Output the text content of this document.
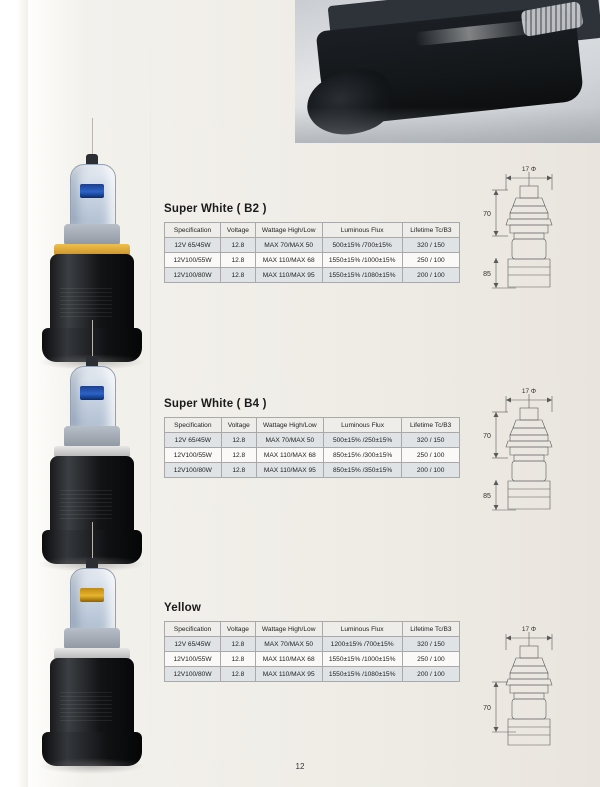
Super White ( B2 )
Specification	Voltage	Wattage High/Low	Luminous Flux	Lifetime Tc/B3
12V 65/45W	12.8	MAX 70/MAX 50	500±15% /700±15%	320 / 150
12V100/55W	12.8	MAX 110/MAX 68	1550±15% /1000±15%	250 / 100
12V100/80W	12.8	MAX 110/MAX 95	1550±15% /1080±15%	200 / 100
17 Φ
70
85
Super White ( B4 )
Specification	Voltage	Wattage High/Low	Luminous Flux	Lifetime Tc/B3
12V 65/45W	12.8	MAX 70/MAX 50	500±15% /250±15%	320 / 150
12V100/55W	12.8	MAX 110/MAX 68	850±15% /300±15%	250 / 100
12V100/80W	12.8	MAX 110/MAX 95	850±15% /350±15%	200 / 100
17 Φ
70
85
Yellow
Specification	Voltage	Wattage High/Low	Luminous Flux	Lifetime Tc/B3
12V 65/45W	12.8	MAX 70/MAX 50	1200±15% /700±15%	320 / 150
12V100/55W	12.8	MAX 110/MAX 68	1550±15% /1000±15%	250 / 100
12V100/80W	12.8	MAX 110/MAX 95	1550±15% /1080±15%	200 / 100
17 Φ
70
12
